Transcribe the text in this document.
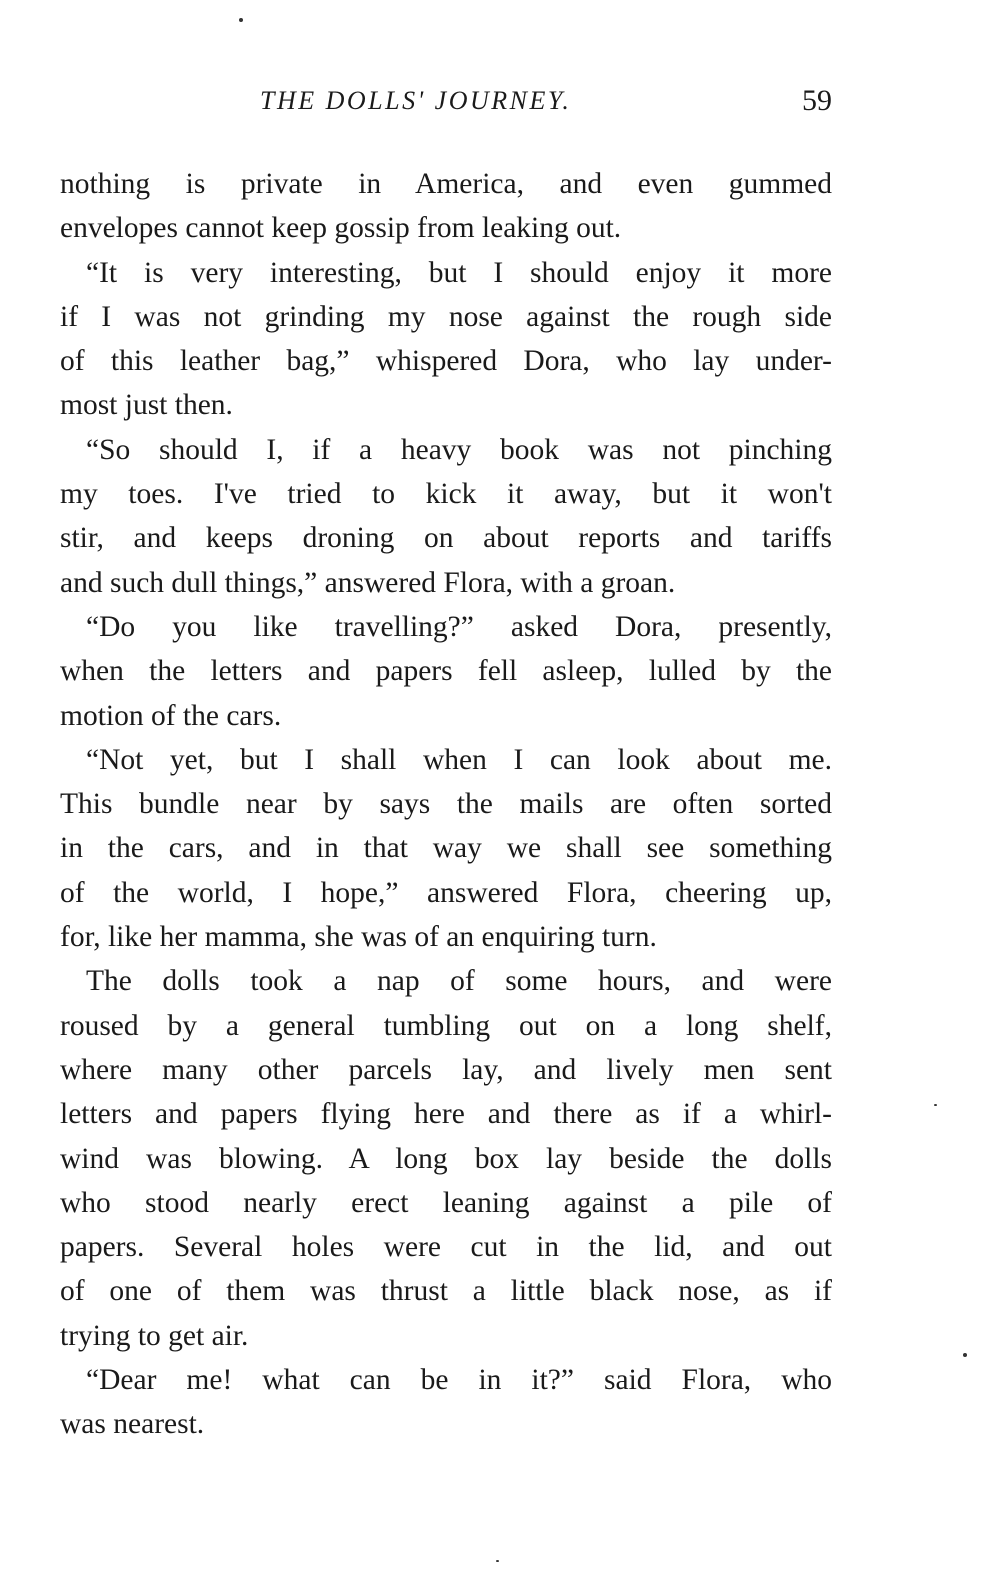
THE DOLLS' JOURNEY.	59
nothing is private in America, and even gummed
envelopes cannot keep gossip from leaking out.
“It is very interesting, but I should enjoy it more
if I was not grinding my nose against the rough side
of this leather bag,” whispered Dora, who lay under-
most just then.
“So should I, if a heavy book was not pinching
my toes. I've tried to kick it away, but it won't
stir, and keeps droning on about reports and tariffs
and such dull things,” answered Flora, with a groan.
“Do you like travelling?” asked Dora, presently,
when the letters and papers fell asleep, lulled by the
motion of the cars.
“Not yet, but I shall when I can look about me.
This bundle near by says the mails are often sorted
in the cars, and in that way we shall see something
of the world, I hope,” answered Flora, cheering up,
for, like her mamma, she was of an enquiring turn.
The dolls took a nap of some hours, and were
roused by a general tumbling out on a long shelf,
where many other parcels lay, and lively men sent
letters and papers flying here and there as if a whirl-
wind was blowing. A long box lay beside the dolls
who stood nearly erect leaning against a pile of
papers. Several holes were cut in the lid, and out
of one of them was thrust a little black nose, as if
trying to get air.
“Dear me! what can be in it?” said Flora, who
was nearest.
